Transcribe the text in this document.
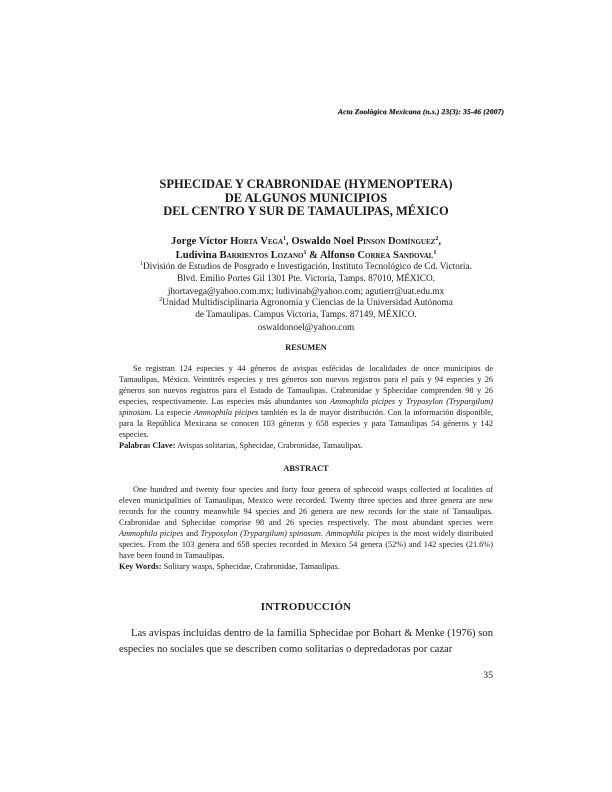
Acta Zoológica Mexicana (n.s.) 23(3): 35-46 (2007)
SPHECIDAE Y CRABRONIDAE (HYMENOPTERA)
DE ALGUNOS MUNICIPIOS
DEL CENTRO Y SUR DE TAMAULIPAS, MÉXICO
Jorge Víctor Horta Vega$^1$, Oswaldo Noel Pinson Domínguez$^2$,
Ludivina Barrientos Lozano$^1$ & Alfonso Correa Sandoval$^1$
$^1$División de Estudios de Posgrado e Investigación, Instituto Tecnológico de Cd. Victoria.
Blvd. Emilio Portes Gil 1301 Pte. Victoria, Tamps. 87010, MÉXICO.
jhortavega@yahoo.com.mx; ludivinab@yahoo.com; agutierr@uat.edu.mx
$^2$Unidad Multidisciplinaria Agronomía y Ciencias de la Universidad Autónoma
de Tamaulipas. Campus Victoria, Tamps. 87149, MÉXICO.
oswaldonoel@yahoo.com
RESUMEN

Se registran 124 especies y 44 géneros de avispas esfécidas de localidades de once municipios de Tamaulipas, México. Veintitrés especies y tres géneros son nuevos registros para el país y 94 especies y 26 géneros son nuevos registros para el Estado de Tamaulipas. Crabronidae y Sphecidae comprenden 98 y 26 especies, respectivamente. Las especies más abundantes son Ammophila picipes y Tryposylon (Trypargilum) spinosum. La especie Ammophila picipes también es la de mayor distribución. Con la información disponible, para la República Mexicana se conocen 103 géneros y 658 especies y para Tamaulipas 54 géneros y 142 especies.

Palabras Clave: Avispas solitarias, Sphecidae, Crabronidae, Tamaulipas.

ABSTRACT

One hundred and twenty four species and forty four genera of sphecoid wasps collected at localities of eleven municipalities of Tamaulipas, Mexico were recorded. Twenty three species and three genera are new records for the country meanwhile 94 species and 26 genera are new records for the state of Tamaulipas. Crabronidae and Sphecidae comprise 98 and 26 species respectively. The most abundant species were Ammophila picipes and Tryposylon (Trypargilum) spinosum. Ammophila picipes is the most widely distributed species. From the 103 genera and 658 species recorded in Mexico 54 genera (52%) and 142 species (21.6%) have been found in Tamaulipas.

Key Words: Solitary wasps, Sphecidae, Crabronidae, Tamaulipas.

INTRODUCCIÓN

Las avispas incluidas dentro de la familia Sphecidae por Bohart & Menke (1976) son especies no sociales que se describen como solitarias o depredadoras por cazar

35
